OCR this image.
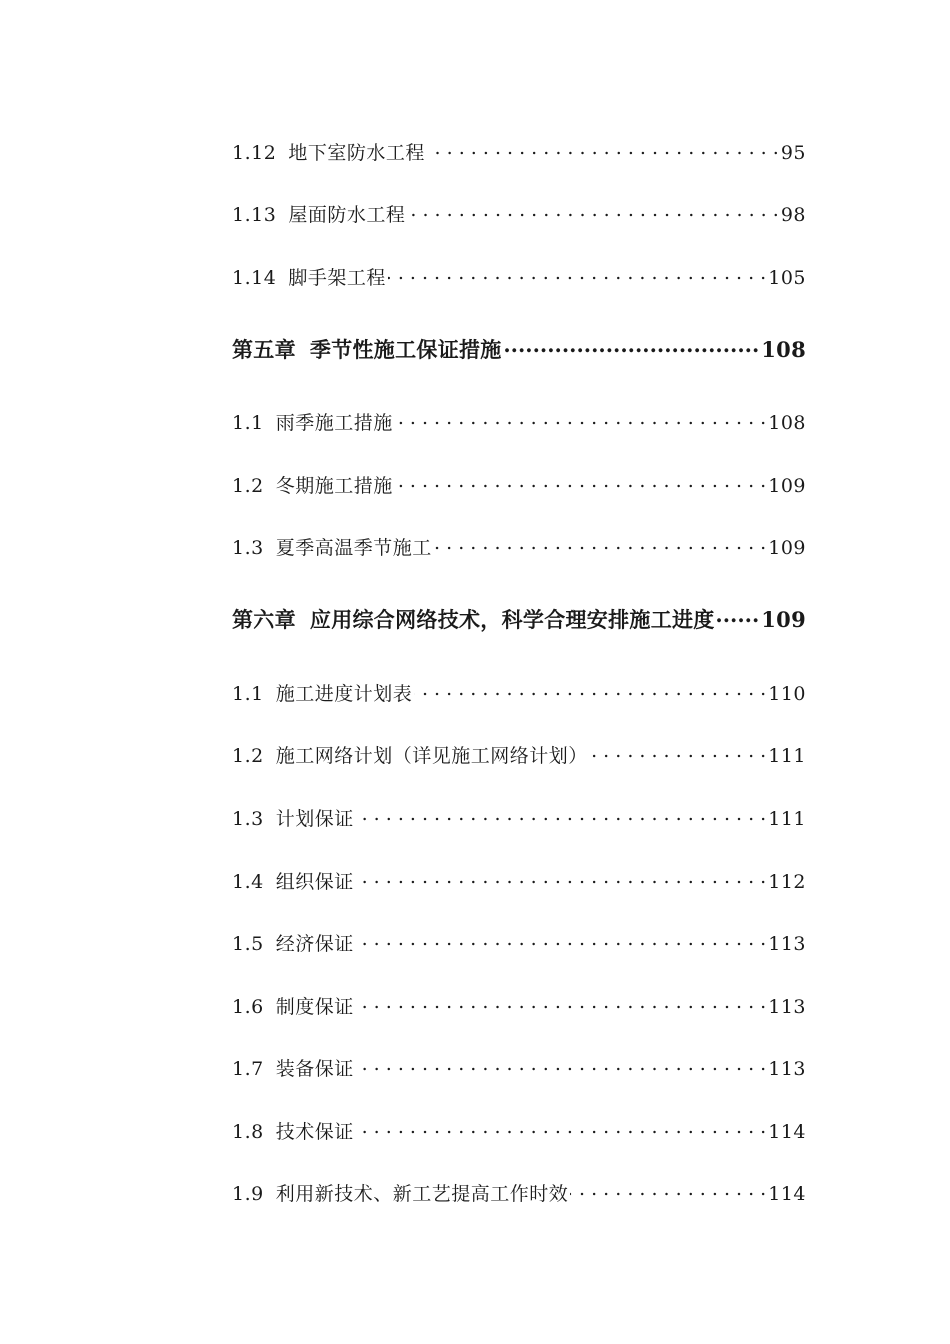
1.12 地下室防水工程 . . .	95
1.13 屋面防水工程 . . .	98
1.14 脚手架工程 . . .	105
第五章 季节性施工保证措施 .....	108
1.1 雨季施工措施 . . .	108
1.2 冬期施工措施 . . .	109
1.3 夏季高温季节施工 . . .	109
第六章 应用综合网络技术，科学合理安排施工进度 ..... 109
1.1 施工进度计划表 . . .	110
1.2 施工网络计划（详见施工网络计划） . . .	111
1.3 计划保证 . . .	111
1.4 组织保证 . . .	112
1.5 经济保证 . . .	113
1.6 制度保证 . . .	113
1.7 装备保证 . . .	113
1.8 技术保证 . . .	114
1.9 利用新技术、新工艺提高工作时效 . . .	114
